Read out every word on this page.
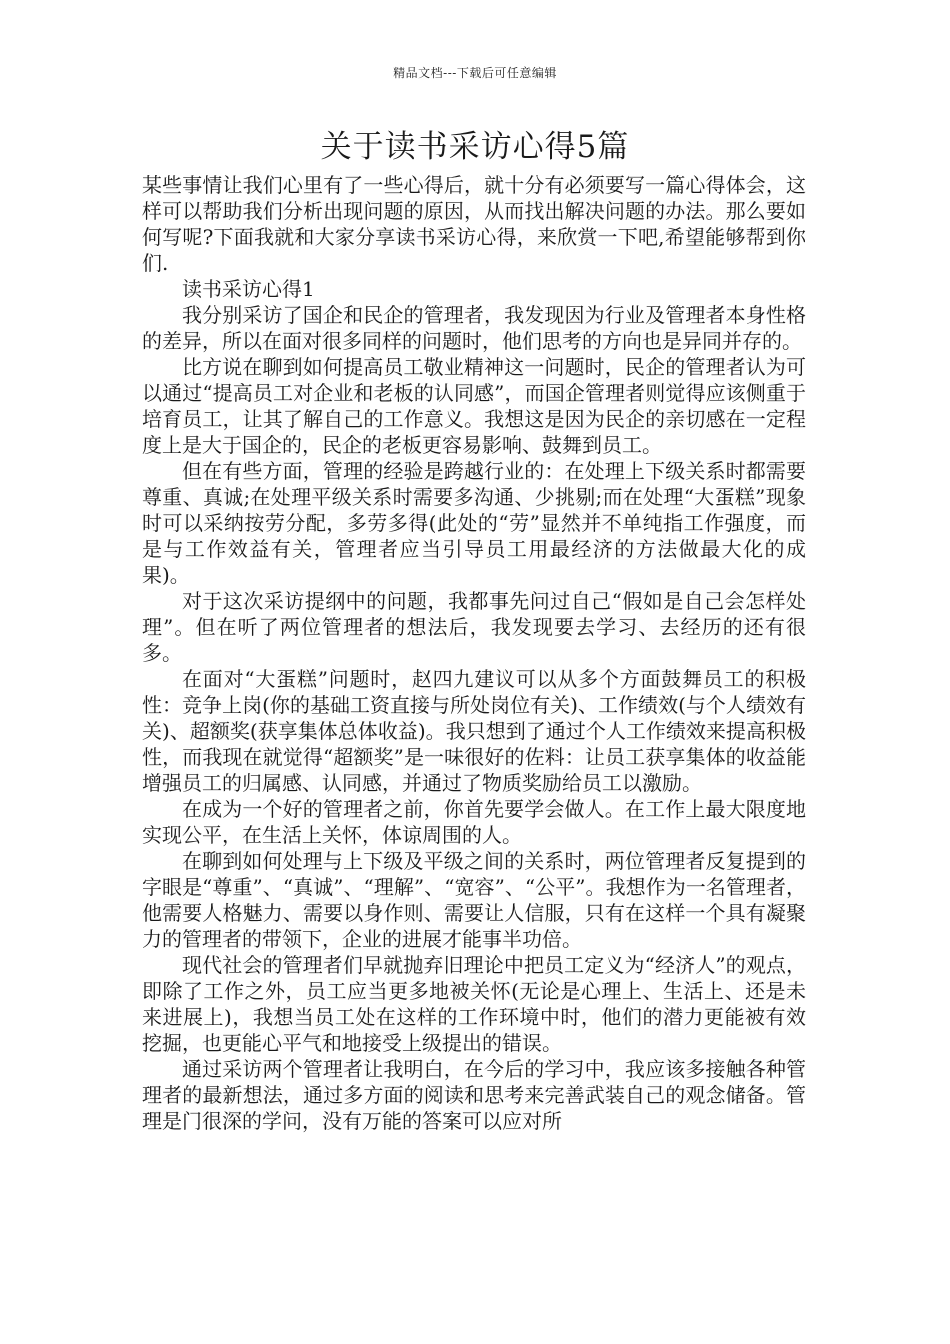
精品文档---下载后可任意编辑
关于读书采访心得5篇

某些事情让我们心里有了一些心得后，就十分有必须要写一篇心得体会，这样可以帮助我们分析出现问题的原因，从而找出解决问题的办法。那么要如何写呢?下面我就和大家分享读书采访心得，来欣赏一下吧,希望能够帮到你们.

读书采访心得1

我分别采访了国企和民企的管理者，我发现因为行业及管理者本身性格的差异，所以在面对很多同样的问题时，他们思考的方向也是异同并存的。

比方说在聊到如何提高员工敬业精神这一问题时，民企的管理者认为可以通过“提高员工对企业和老板的认同感”，而国企管理者则觉得应该侧重于培育员工，让其了解自己的工作意义。我想这是因为民企的亲切感在一定程度上是大于国企的，民企的老板更容易影响、鼓舞到员工。

但在有些方面，管理的经验是跨越行业的：在处理上下级关系时都需要尊重、真诚;在处理平级关系时需要多沟通、少挑剔;而在处理“大蛋糕”现象时可以采纳按劳分配，多劳多得(此处的“劳”显然并不单纯指工作强度，而是与工作效益有关，管理者应当引导员工用最经济的方法做最大化的成果)。

对于这次采访提纲中的问题，我都事先问过自己“假如是自己会怎样处理”。但在听了两位管理者的想法后，我发现要去学习、去经历的还有很多。

在面对“大蛋糕”问题时，赵四九建议可以从多个方面鼓舞员工的积极性：竞争上岗(你的基础工资直接与所处岗位有关)、工作绩效(与个人绩效有关)、超额奖(获享集体总体收益)。我只想到了通过个人工作绩效来提高积极性，而我现在就觉得“超额奖”是一味很好的佐料：让员工获享集体的收益能增强员工的归属感、认同感，并通过了物质奖励给员工以激励。

在成为一个好的管理者之前，你首先要学会做人。在工作上最大限度地实现公平，在生活上关怀，体谅周围的人。

在聊到如何处理与上下级及平级之间的关系时，两位管理者反复提到的字眼是“尊重”、“真诚”、“理解”、“宽容”、“公平”。我想作为一名管理者，他需要人格魅力、需要以身作则、需要让人信服，只有在这样一个具有凝聚力的管理者的带领下，企业的进展才能事半功倍。

现代社会的管理者们早就抛弃旧理论中把员工定义为“经济人”的观点，即除了工作之外，员工应当更多地被关怀(无论是心理上、生活上、还是未来进展上)，我想当员工处在这样的工作环境中时，他们的潜力更能被有效挖掘，也更能心平气和地接受上级提出的错误。

通过采访两个管理者让我明白，在今后的学习中，我应该多接触各种管理者的最新想法，通过多方面的阅读和思考来完善武装自己的观念储备。管理是门很深的学问，没有万能的答案可以应对所
